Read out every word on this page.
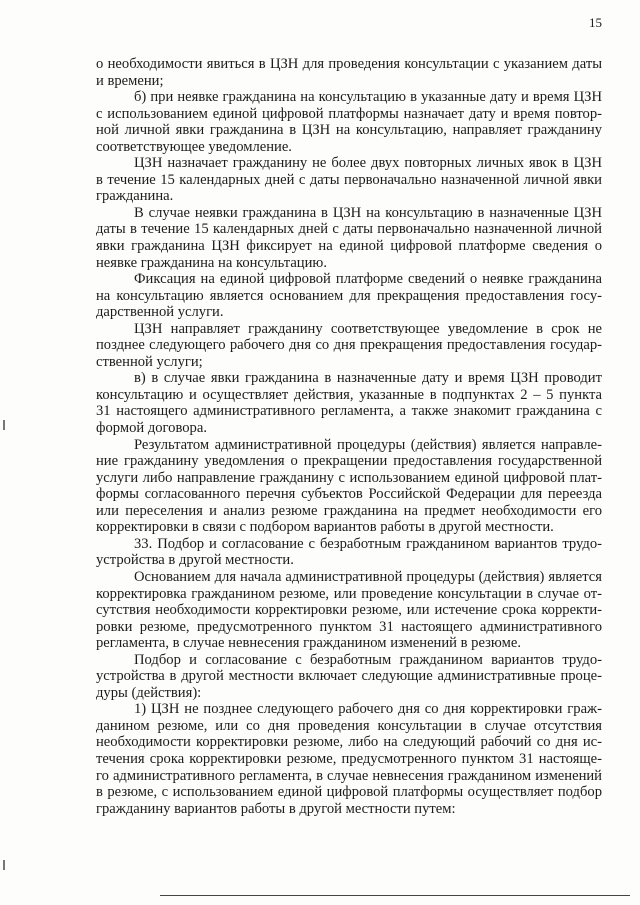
15
о необходимости явиться в ЦЗН для проведения консультации с указанием даты
и времени;
б) при неявке гражданина на консультацию в указанные дату и время ЦЗН
с использованием единой цифровой платформы назначает дату и время повтор-
ной личной явки гражданина в ЦЗН на консультацию, направляет гражданину
соответствующее уведомление.
ЦЗН назначает гражданину не более двух повторных личных явок в ЦЗН
в течение 15 календарных дней с даты первоначально назначенной личной явки
гражданина.
В случае неявки гражданина в ЦЗН на консультацию в назначенные ЦЗН
даты в течение 15 календарных дней с даты первоначально назначенной личной
явки гражданина ЦЗН фиксирует на единой цифровой платформе сведения о
неявке гражданина на консультацию.
Фиксация на единой цифровой платформе сведений о неявке гражданина
на консультацию является основанием для прекращения предоставления госу-
дарственной услуги.
ЦЗН направляет гражданину соответствующее уведомление в срок не
позднее следующего рабочего дня со дня прекращения предоставления государ-
ственной услуги;
в) в случае явки гражданина в назначенные дату и время ЦЗН проводит
консультацию и осуществляет действия, указанные в подпунктах 2 – 5 пункта
31 настоящего административного регламента, а также знакомит гражданина с
формой договора.
Результатом административной процедуры (действия) является направле-
ние гражданину уведомления о прекращении предоставления государственной
услуги либо направление гражданину с использованием единой цифровой плат-
формы согласованного перечня субъектов Российской Федерации для переезда
или переселения и анализ резюме гражданина на предмет необходимости его
корректировки в связи с подбором вариантов работы в другой местности.
33. Подбор и согласование с безработным гражданином вариантов трудо-
устройства в другой местности.
Основанием для начала административной процедуры (действия) является
корректировка гражданином резюме, или проведение консультации в случае от-
сутствия необходимости корректировки резюме, или истечение срока корректи-
ровки резюме, предусмотренного пунктом 31 настоящего административного
регламента, в случае невнесения гражданином изменений в резюме.
Подбор и согласование с безработным гражданином вариантов трудо-
устройства в другой местности включает следующие административные проце-
дуры (действия):
1) ЦЗН не позднее следующего рабочего дня со дня корректировки граж-
данином резюме, или со дня проведения консультации в случае отсутствия
необходимости корректировки резюме, либо на следующий рабочий со дня ис-
течения срока корректировки резюме, предусмотренного пунктом 31 настояще-
го административного регламента, в случае невнесения гражданином изменений
в резюме, с использованием единой цифровой платформы осуществляет подбор
гражданину вариантов работы в другой местности путем:
